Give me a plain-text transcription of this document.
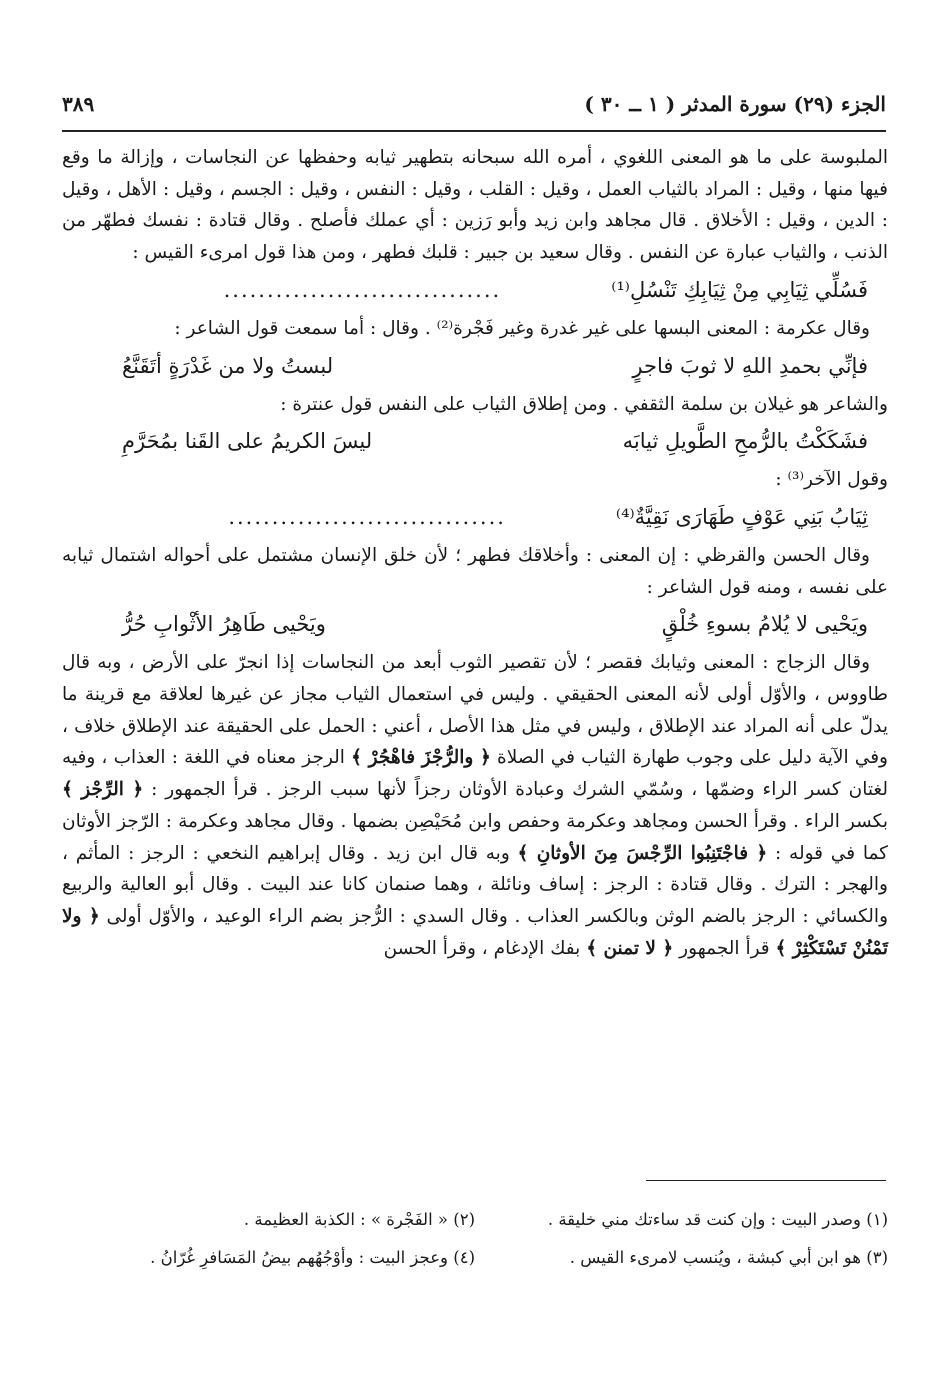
الجزء (٢٩) سورة المدثر ( ١ ــ ٣٠ )
٣٨٩

الملبوسة على ما هو المعنى اللغوي ، أمره الله سبحانه بتطهير ثيابه وحفظها عن النجاسات ، وإزالة ما وقع فيها منها ، وقيل : المراد بالثياب العمل ، وقيل : القلب ، وقيل : النفس ، وقيل : الجسم ، وقيل : الأهل ، وقيل : الدين ، وقيل : الأخلاق . قال مجاهد وابن زيد وأبو رَزين : أي عملك فأصلح . وقال قتادة : نفسك فطهّر من الذنب ، والثياب عبارة عن النفس . وقال سعيد بن جبير : قلبك فطهر ، ومن هذا قول امرىء القيس :

فَسُلِّي ثِيَابِي مِنْ ثِيَابِكِ تَنْسُلِ⁽¹⁾
................................

وقال عكرمة : المعنى البسها على غير غدرة وغير فَجْرة⁽²⁾ . وقال : أما سمعت قول الشاعر :

فإنِّي بحمدِ اللهِ لا ثوبَ فاجرٍ
لبستُ ولا من غَدْرَةٍ أتَقَنَّعُ

والشاعر هو غيلان بن سلمة الثقفي . ومن إطلاق الثياب على النفس قول عنترة :

فشَكَكْتُ بالرُّمحِ الطَّويلِ ثيابَه
ليسَ الكريمُ على القَنا بمُحَرَّمِ

وقول الآخر⁽³⁾ :

ثِيَابُ بَنِي عَوْفٍ طَهَارَى نَقِيَّةٌ⁽⁴⁾
................................

وقال الحسن والقرظي : إن المعنى : وأخلاقك فطهر ؛ لأن خلق الإنسان مشتمل على أحواله اشتمال ثيابه على نفسه ، ومنه قول الشاعر :

ويَحْيى لا يُلامُ بسوءِ خُلْقٍ
ويَحْيى طَاهِرُ الأثْوابِ حُرُّ

وقال الزجاج : المعنى وثيابك فقصر ؛ لأن تقصير الثوب أبعد من النجاسات إذا انجرّ على الأرض ، وبه قال طاووس ، والأوّل أولى لأنه المعنى الحقيقي . وليس في استعمال الثياب مجاز عن غيرها لعلاقة مع قرينة ما يدلّ على أنه المراد عند الإطلاق ، وليس في مثل هذا الأصل ، أعني : الحمل على الحقيقة عند الإطلاق خلاف ، وفي الآية دليل على وجوب طهارة الثياب في الصلاة ﴿ والرُّجْزَ فاهْجُرْ ﴾ الرجز معناه في اللغة : العذاب ، وفيه لغتان كسر الراء وضمّها ، وسُمّي الشرك وعبادة الأوثان رجزاً لأنها سبب الرجز . قرأ الجمهور : ﴿ الرِّجْز ﴾ بكسر الراء . وقرأ الحسن ومجاهد وعكرمة وحفص وابن مُحَيْصِن بضمها . وقال مجاهد وعكرمة : الرّجز الأوثان كما في قوله : ﴿ فاجْتَنِبُوا الرِّجْسَ مِنَ الأوثانِ ﴾ وبه قال ابن زيد . وقال إبراهيم النخعي : الرجز : المأثم ، والهجر : الترك . وقال قتادة : الرجز : إساف ونائلة ، وهما صنمان كانا عند البيت . وقال أبو العالية والربيع والكسائي : الرجز بالضم الوثن وبالكسر العذاب . وقال السدي : الرُّجز بضم الراء الوعيد ، والأوّل أولى ﴿ ولا تَمْنُنْ تَسْتَكْثِرْ ﴾ قرأ الجمهور ﴿ لا تمنن ﴾ بفك الإدغام ، وقرأ الحسن

(١) وصدر البيت : وإن كنت قد ساءتك مني خليقة .
(٢) « الفَجْرة » : الكذبة العظيمة .
(٣) هو ابن أبي كبشة ، ويُنسب لامرىء القيس .
(٤) وعجز البيت : وأوْجُهُهم بيضُ المَسَافرِ غُرّانُ .
